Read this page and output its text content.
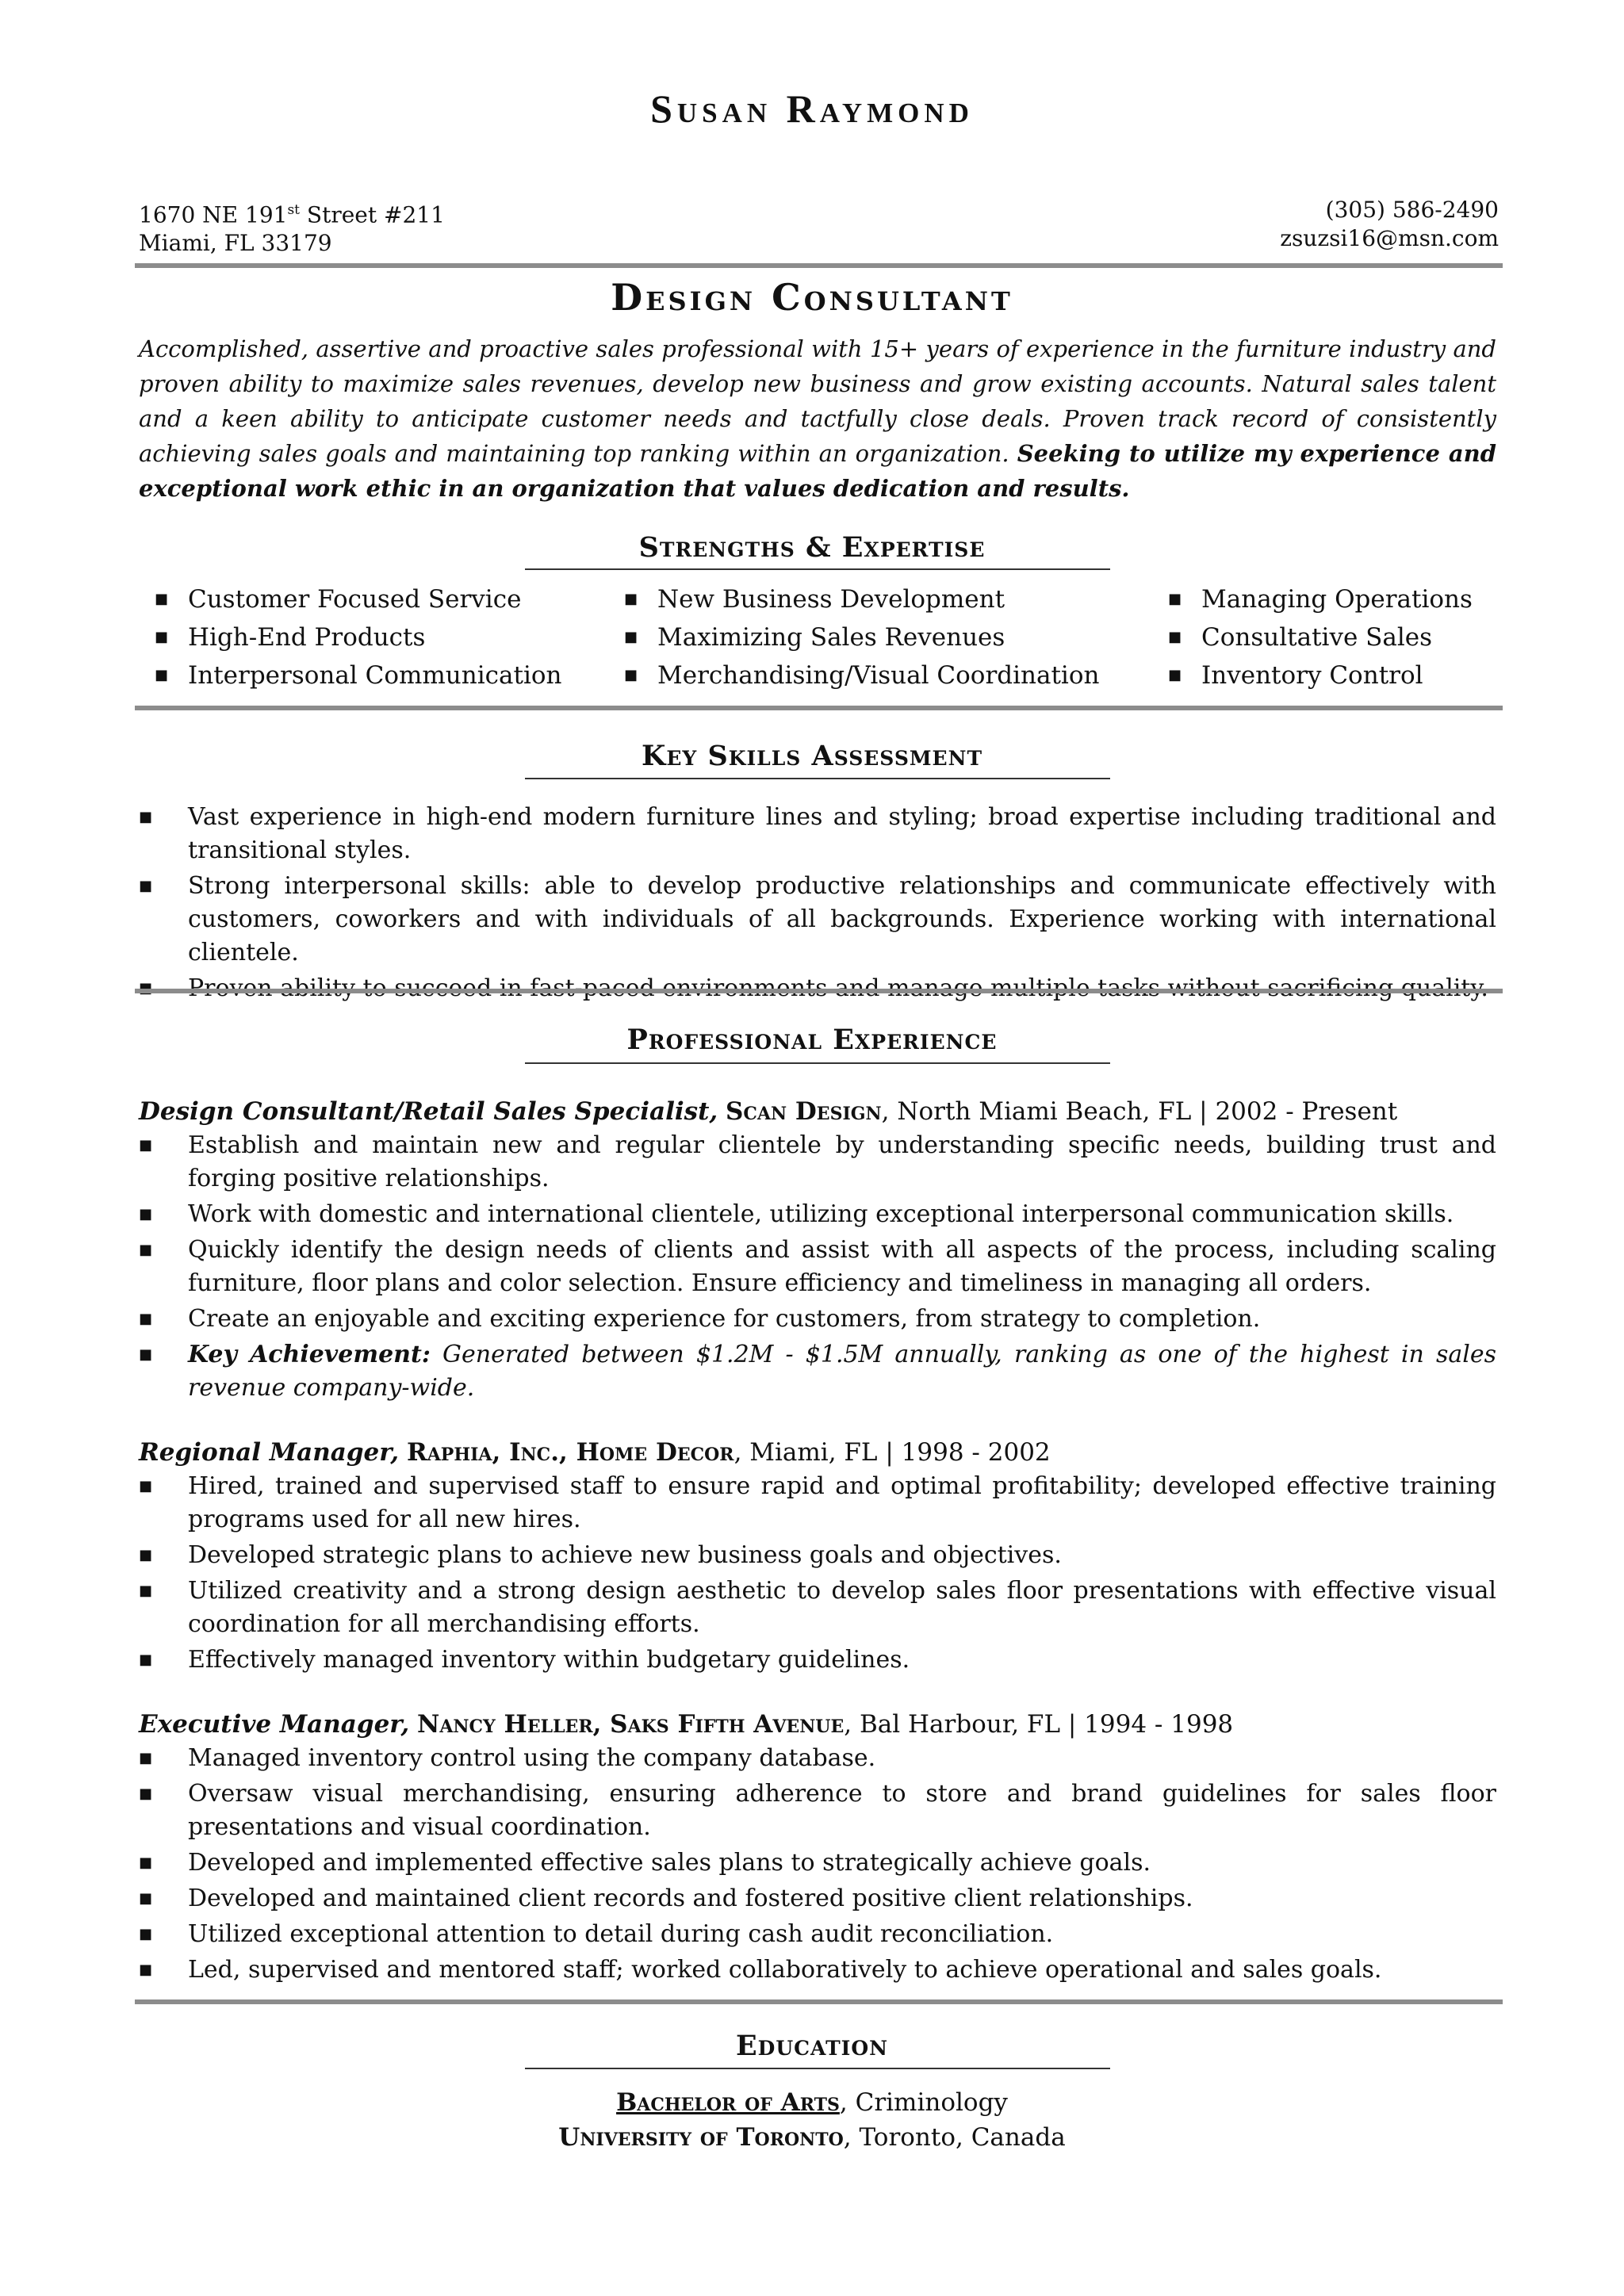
Susan Raymond
1670 NE 191st Street #211
Miami, FL 33179
(305) 586-2490
zsuzsi16@msn.com
Design Consultant
Accomplished, assertive and proactive sales professional with 15+ years of experience in the furniture industry and proven ability to maximize sales revenues, develop new business and grow existing accounts. Natural sales talent and a keen ability to anticipate customer needs and tactfully close deals. Proven track record of consistently achieving sales goals and maintaining top ranking within an organization. Seeking to utilize my experience and exceptional work ethic in an organization that values dedication and results.
Strengths & Expertise
■ Customer Focused Service
■ High-End Products
■ Interpersonal Communication
■ New Business Development
■ Maximizing Sales Revenues
■ Merchandising/Visual Coordination
■ Managing Operations
■ Consultative Sales
■ Inventory Control
Key Skills Assessment
■ Vast experience in high-end modern furniture lines and styling; broad expertise including traditional and transitional styles.
■ Strong interpersonal skills: able to develop productive relationships and communicate effectively with customers, coworkers and with individuals of all backgrounds. Experience working with international clientele.
Professional Experience
Design Consultant/Retail Sales Specialist, Scan Design, North Miami Beach, FL | 2002 - Present
■ Establish and maintain new and regular clientele by understanding specific needs, building trust and forging positive relationships.
■ Work with domestic and international clientele, utilizing exceptional interpersonal communication skills.
■ Quickly identify the design needs of clients and assist with all aspects of the process, including scaling furniture, floor plans and color selection. Ensure efficiency and timeliness in managing all orders.
■ Create an enjoyable and exciting experience for customers, from strategy to completion.
■ Key Achievement: Generated between $1.2M - $1.5M annually, ranking as one of the highest in sales revenue company-wide.
Regional Manager, Raphia, Inc., Home Decor, Miami, FL | 1998 - 2002
■ Hired, trained and supervised staff to ensure rapid and optimal profitability; developed effective training programs used for all new hires.
■ Developed strategic plans to achieve new business goals and objectives.
■ Utilized creativity and a strong design aesthetic to develop sales floor presentations with effective visual coordination for all merchandising efforts.
■ Effectively managed inventory within budgetary guidelines.
Executive Manager, Nancy Heller, Saks Fifth Avenue, Bal Harbour, FL | 1994 - 1998
■ Managed inventory control using the company database.
■ Oversaw visual merchandising, ensuring adherence to store and brand guidelines for sales floor presentations and visual coordination.
■ Developed and implemented effective sales plans to strategically achieve goals.
■ Developed and maintained client records and fostered positive client relationships.
■ Utilized exceptional attention to detail during cash audit reconciliation.
■ Led, supervised and mentored staff; worked collaboratively to achieve operational and sales goals.
Education
Bachelor of Arts, Criminology
University of Toronto, Toronto, Canada
